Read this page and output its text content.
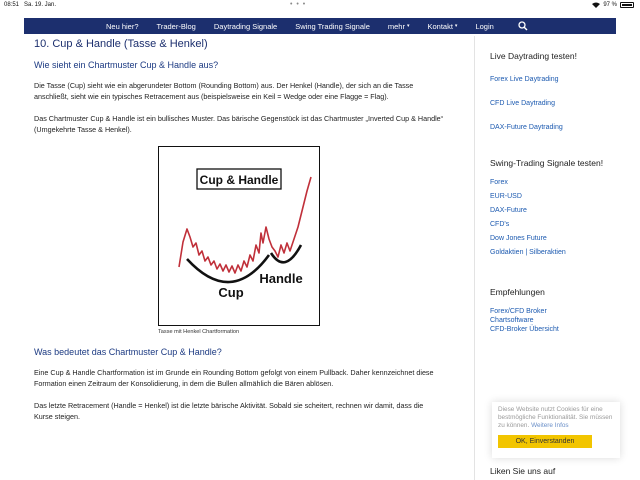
08:51 Sa. 19. Jan.	• • •	97 %
Neu hier? Trader-Blog Daytrading Signale Swing Trading Signale mehr ▾ Kontakt ▾ Login
10. Cup & Handle (Tasse & Henkel)
Wie sieht ein Chartmuster Cup & Handle aus?

Die Tasse (Cup) sieht wie ein abgerundeter Bottom (Rounding Bottom) aus. Der Henkel (Handle), der sich an die Tasse anschließt, sieht wie ein typisches Retracement aus (beispielsweise ein Keil = Wedge oder eine Flagge = Flag).

Das Chartmuster Cup & Handle ist ein bullisches Muster. Das bärische Gegenstück ist das Chartmuster „Inverted Cup & Handle“ (Umgekehrte Tasse & Henkel).

Cup & Handle
Cup
Handle
Tasse mit Henkel Chartformation
Was bedeutet das Chartmuster Cup & Handle?

Eine Cup & Handle Chartformation ist im Grunde ein Rounding Bottom gefolgt von einem Pullback. Daher kennzeichnet diese Formation einen Zeitraum der Konsolidierung, in dem die Bullen allmählich die Bären ablösen.

Das letzte Retracement (Handle = Henkel) ist die letzte bärische Aktivität. Sobald sie scheitert, rechnen wir damit, dass die Kurse steigen.

Live Daytrading testen!
Forex Live Daytrading
CFD Live Daytrading
DAX-Future Daytrading
Swing-Trading Signale testen!
Forex
EUR-USD
DAX-Future
CFD's
Dow Jones Future
Goldaktien | Silberaktien
Empfehlungen
Forex/CFD Broker
Chartsoftware
CFD-Broker Übersicht
Diese Website nutzt Cookies für eine bestmögliche Funktionalität. Sie müssen zu können. Weitere Infos
OK, Einverstanden
Liken Sie uns auf
